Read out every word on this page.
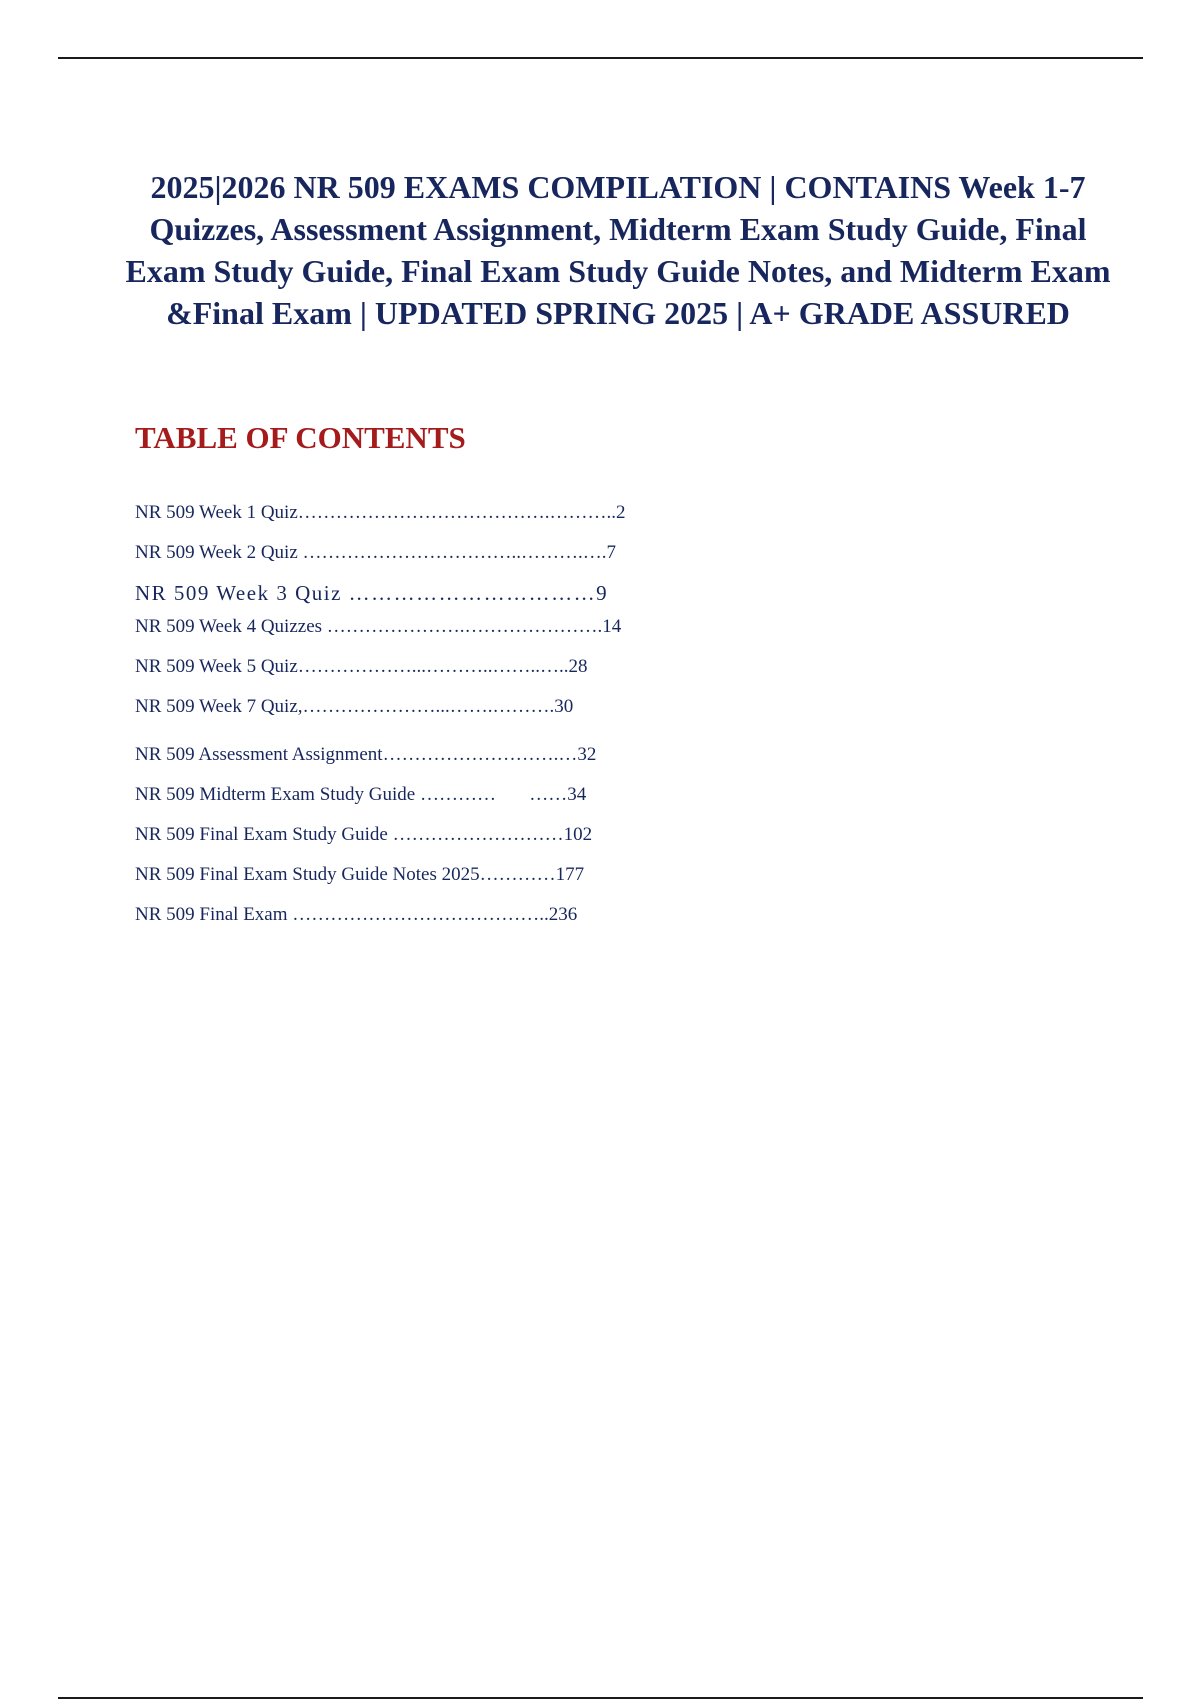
2025|2026 NR 509 EXAMS COMPILATION | CONTAINS Week 1-7 Quizzes, Assessment Assignment, Midterm Exam Study Guide, Final Exam Study Guide, Final Exam Study Guide Notes, and Midterm Exam &Final Exam | UPDATED SPRING 2025 | A+ GRADE ASSURED
TABLE OF CONTENTS
NR 509 Week 1 Quiz………………………………….………..2
NR 509 Week 2 Quiz ……………………………..……….….7
NR 509 Week 3 Quiz ……………………………9
NR 509 Week 4 Quizzes ………………….………………….14
NR 509 Week 5 Quiz………………...………..……..…..28
NR 509 Week 7 Quiz,…………………...…….……….30
NR 509 Assessment Assignment……………………….…32
NR 509 Midterm Exam Study Guide …………       ……34
NR 509 Final Exam Study Guide ………………………102
NR 509 Final Exam Study Guide Notes 2025…………177
NR 509 Final Exam …………………………………..236
